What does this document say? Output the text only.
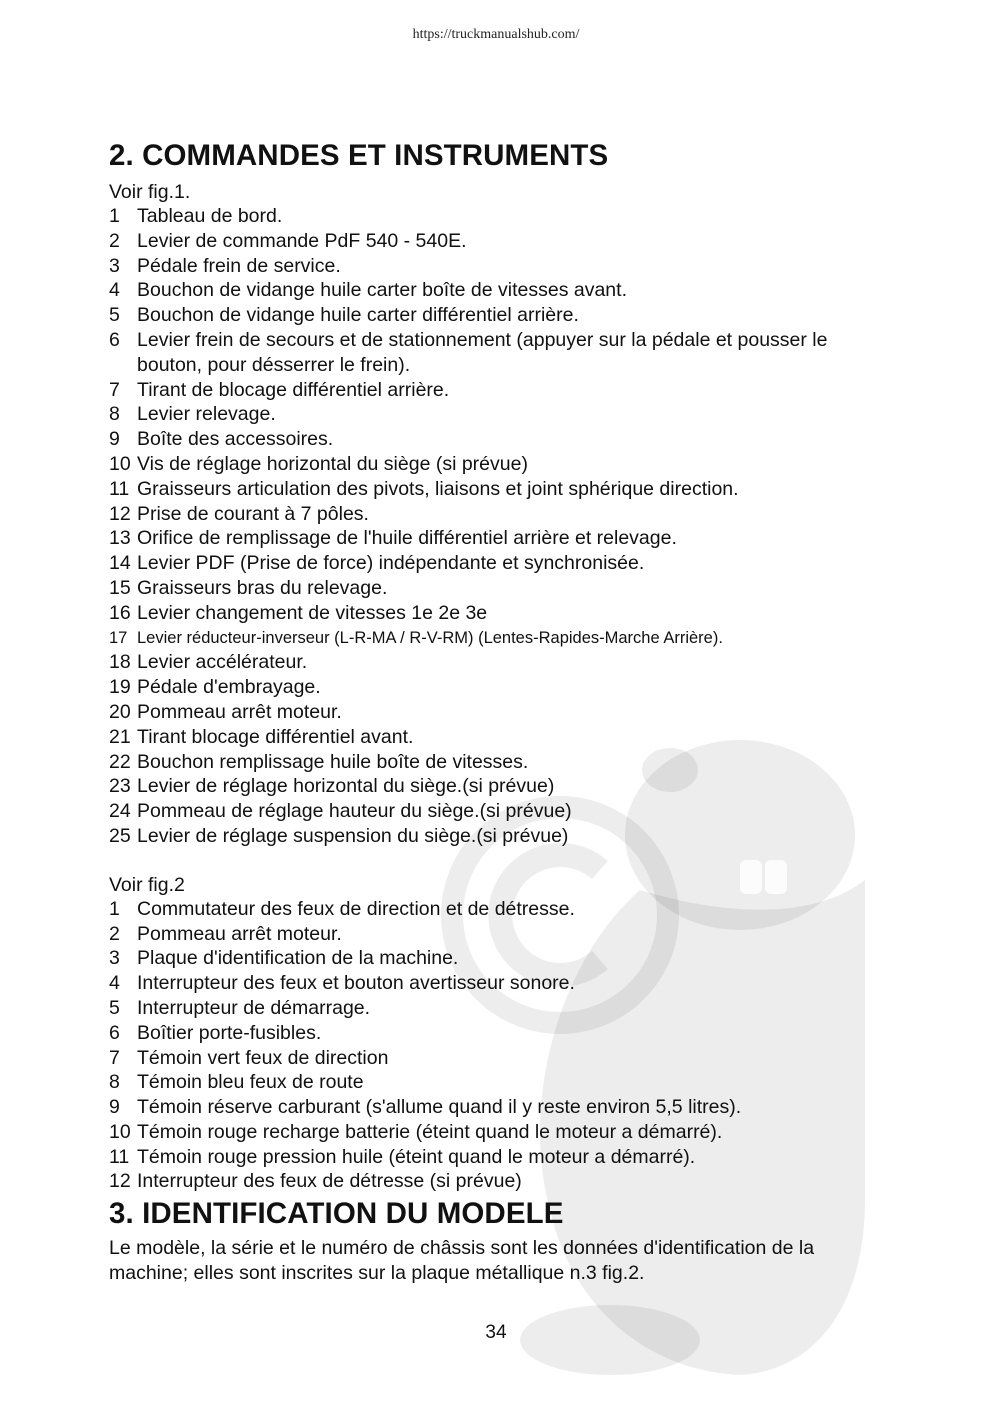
https://truckmanualshub.com/
2. COMMANDES ET INSTRUMENTS
Voir fig.1.
1 Tableau de bord.
2 Levier de commande PdF 540 - 540E.
3 Pédale frein de service.
4 Bouchon de vidange huile carter boîte de vitesses avant.
5 Bouchon de vidange huile carter différentiel arrière.
6 Levier frein de secours et de stationnement (appuyer sur la pédale et pousser le bouton, pour désserrer le frein).
7 Tirant de blocage différentiel arrière.
8 Levier relevage.
9 Boîte des accessoires.
10 Vis de réglage horizontal du siège (si prévue)
11 Graisseurs articulation des pivots, liaisons et joint sphérique direction.
12 Prise de courant à 7 pôles.
13 Orifice de remplissage de l'huile différentiel arrière et relevage.
14 Levier PDF (Prise de force) indépendante et synchronisée.
15 Graisseurs bras du relevage.
16 Levier changement de vitesses 1e 2e 3e
17 Levier réducteur-inverseur (L-R-MA / R-V-RM) (Lentes-Rapides-Marche Arrière).
18 Levier accélérateur.
19 Pédale d'embrayage.
20 Pommeau arrêt moteur.
21 Tirant blocage différentiel avant.
22 Bouchon remplissage huile boîte de vitesses.
23 Levier de réglage horizontal du siège.(si prévue)
24 Pommeau de réglage hauteur du siège.(si prévue)
25 Levier de réglage suspension du siège.(si prévue)
Voir fig.2
1 Commutateur des feux de direction et de détresse.
2 Pommeau arrêt moteur.
3 Plaque d'identification de la machine.
4 Interrupteur des feux et bouton avertisseur sonore.
5 Interrupteur de démarrage.
6 Boîtier porte-fusibles.
7 Témoin vert feux de direction
8 Témoin bleu feux de route
9 Témoin réserve carburant (s'allume quand il y reste environ 5,5 litres).
10 Témoin rouge recharge batterie (éteint quand le moteur a démarré).
11 Témoin rouge pression huile (éteint quand le moteur a démarré).
12 Interrupteur des feux de détresse (si prévue)
3. IDENTIFICATION DU MODELE
Le modèle, la série et le numéro de châssis sont les données d'identification de la machine; elles sont inscrites sur la plaque métallique n.3 fig.2.
34
